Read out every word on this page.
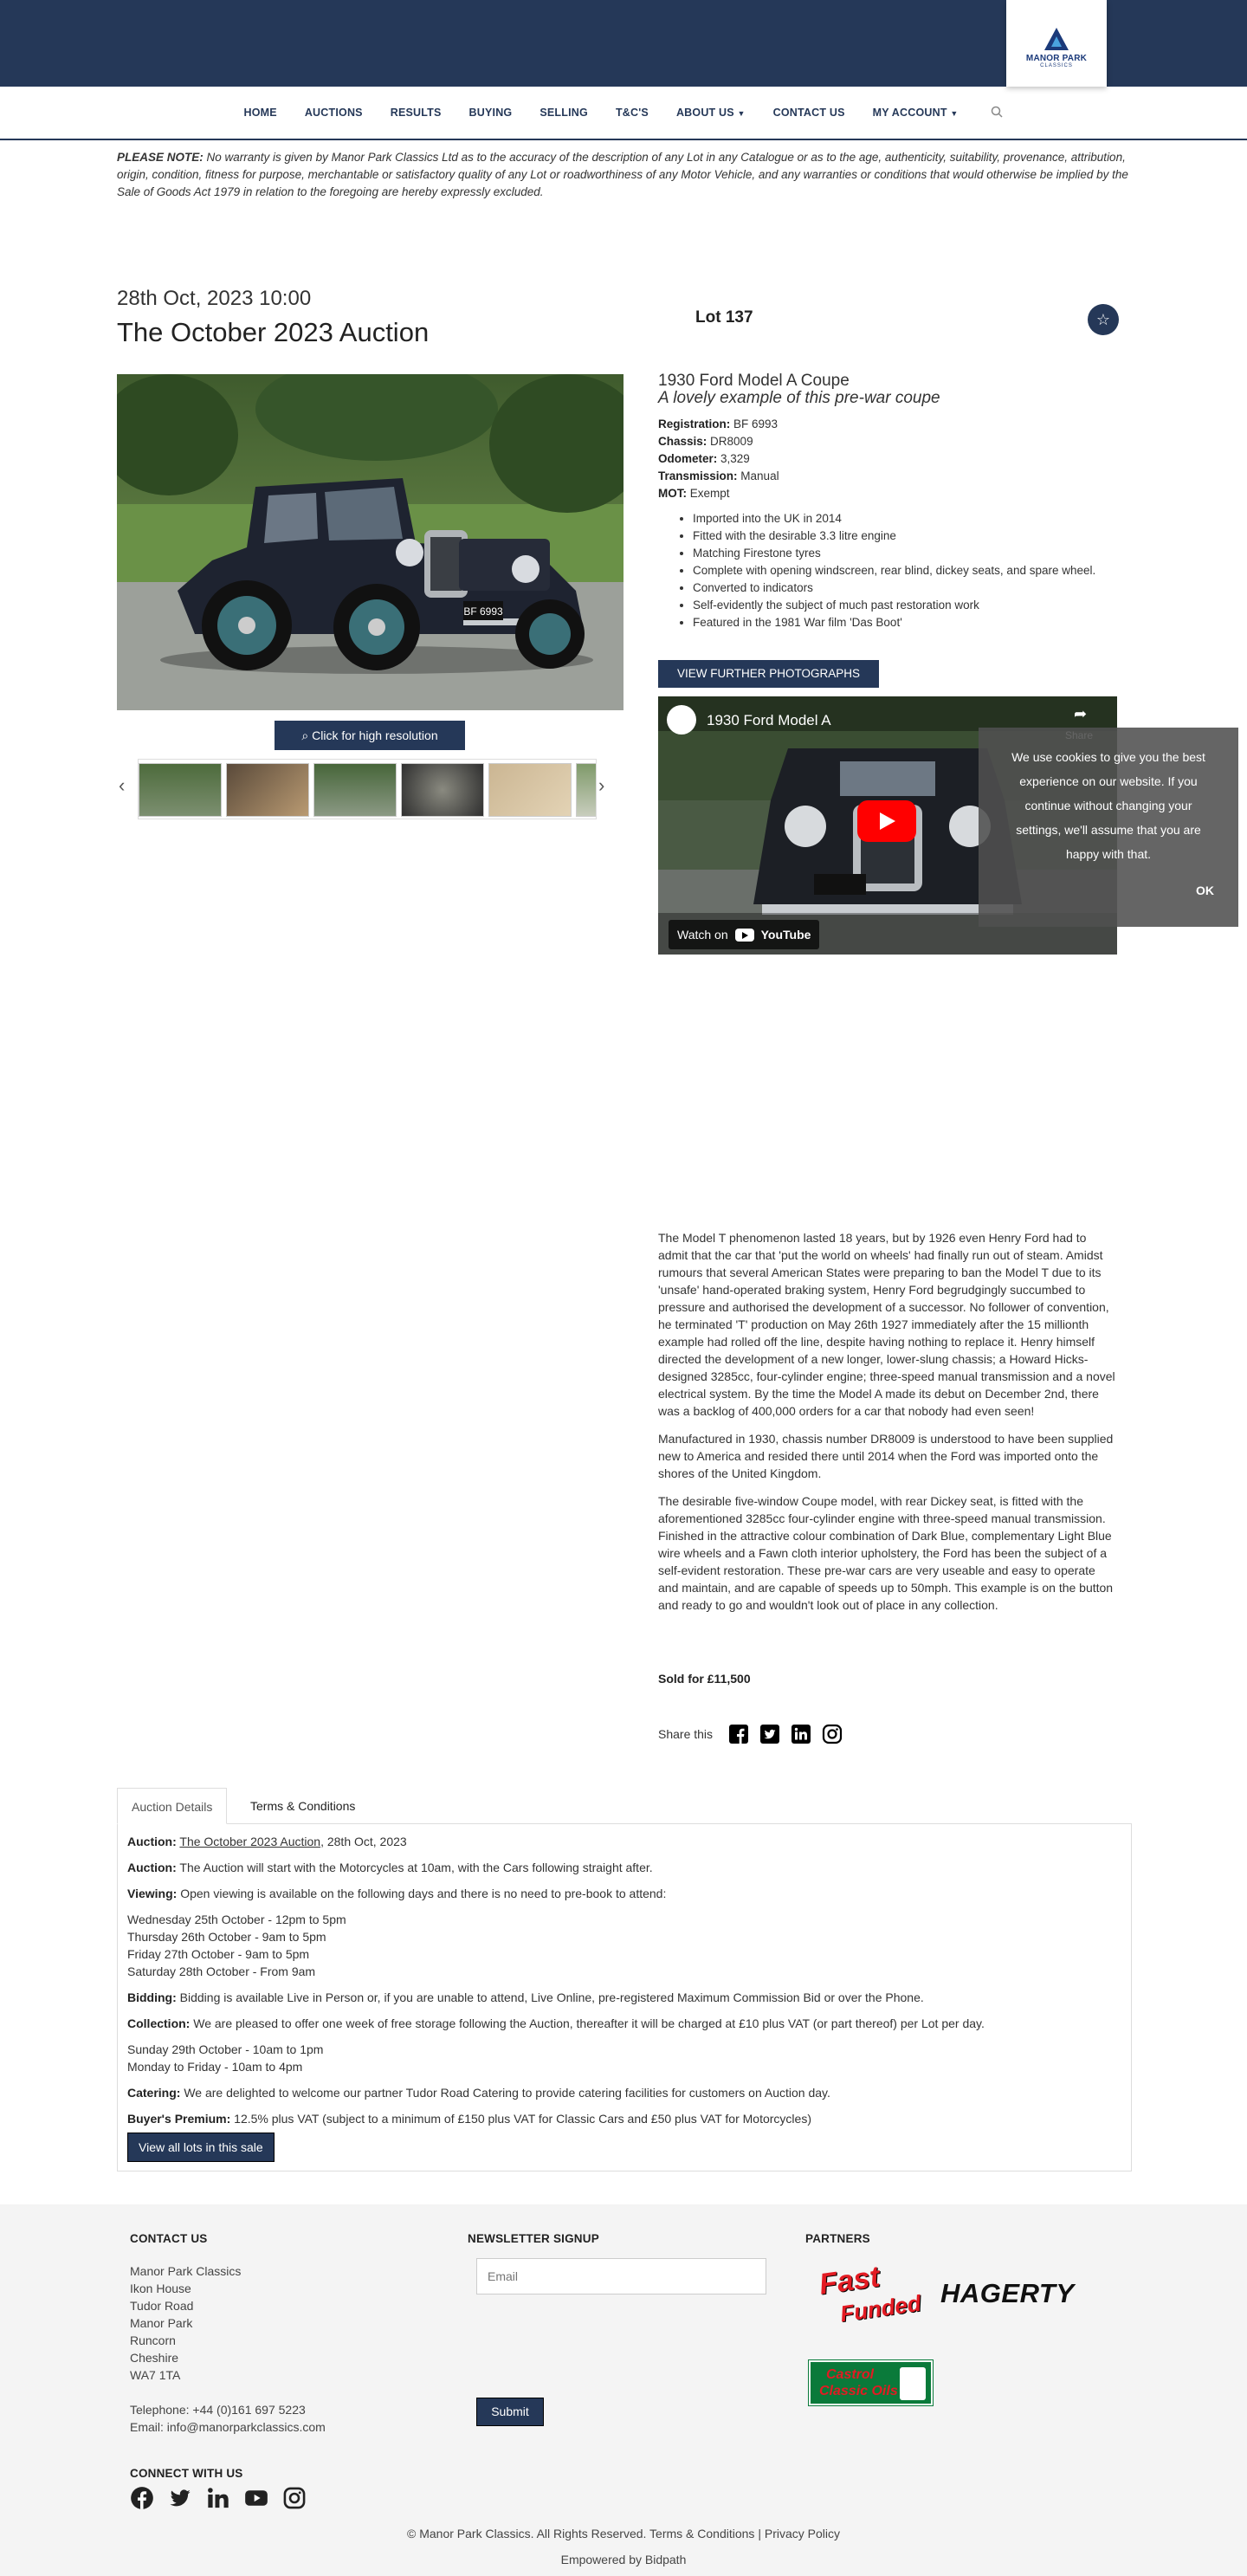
MANOR PARK
CLASSICS
HOME	AUCTIONS	RESULTS	BUYING	SELLING	T&C'S	ABOUT US ▼	CONTACT US	MY ACCOUNT ▼

PLEASE NOTE: No warranty is given by Manor Park Classics Ltd as to the accuracy of the description of any Lot in any Catalogue or as to the age, authenticity, suitability, provenance, attribution, origin, condition, fitness for purpose, merchantable or satisfactory quality of any Lot or roadworthiness of any Motor Vehicle, and any warranties or conditions that would otherwise be implied by the Sale of Goods Act 1979 in relation to the foregoing are hereby expressly excluded.

28th Oct, 2023 10:00
The October 2023 Auction	Lot 137	☆
BF 6993
⌕ Click for high resolution
‹	›
1930 Ford Model A Coupe
A lovely example of this pre-war coupe
Registration: BF 6993
Chassis: DR8009
Odometer: 3,329
Transmission: Manual
MOT: Exempt
• Imported into the UK in 2014
• Fitted with the desirable 3.3 litre engine
• Matching Firestone tyres
• Complete with opening windscreen, rear blind, dickey seats, and spare wheel.
• Converted to indicators
• Self-evidently the subject of much past restoration work
• Featured in the 1981 War film 'Das Boot'
VIEW FURTHER PHOTOGRAPHS
1930 Ford Model A	➦
Watch on	YouTube
We use cookies to give you the best experience on our website. If you continue without changing your settings, we'll assume that you are happy with that.
OK

The Model T phenomenon lasted 18 years, but by 1926 even Henry Ford had to admit that the car that 'put the world on wheels' had finally run out of steam. Amidst rumours that several American States were preparing to ban the Model T due to its 'unsafe' hand-operated braking system, Henry Ford begrudgingly succumbed to pressure and authorised the development of a successor. No follower of convention, he terminated 'T' production on May 26th 1927 immediately after the 15 millionth example had rolled off the line, despite having nothing to replace it. Henry himself directed the development of a new longer, lower-slung chassis; a Howard Hicks-designed 3285cc, four-cylinder engine; three-speed manual transmission and a novel electrical system. By the time the Model A made its debut on December 2nd, there was a backlog of 400,000 orders for a car that nobody had even seen!

Manufactured in 1930, chassis number DR8009 is understood to have been supplied new to America and resided there until 2014 when the Ford was imported onto the shores of the United Kingdom.

The desirable five-window Coupe model, with rear Dickey seat, is fitted with the aforementioned 3285cc four-cylinder engine with three-speed manual transmission. Finished in the attractive colour combination of Dark Blue, complementary Light Blue wire wheels and a Fawn cloth interior upholstery, the Ford has been the subject of a self-evident restoration. These pre-war cars are very useable and easy to operate and maintain, and are capable of speeds up to 50mph. This example is on the button and ready to go and wouldn't look out of place in any collection.

Sold for £11,500
Share this
Auction Details	Terms & Conditions

Auction: The October 2023 Auction, 28th Oct, 2023

Auction: The Auction will start with the Motorcycles at 10am, with the Cars following straight after.

Viewing: Open viewing is available on the following days and there is no need to pre-book to attend:

Wednesday 25th October - 12pm to 5pm
Thursday 26th October - 9am to 5pm
Friday 27th October - 9am to 5pm
Saturday 28th October - From 9am

Bidding: Bidding is available Live in Person or, if you are unable to attend, Live Online, pre-registered Maximum Commission Bid or over the Phone.

Collection: We are pleased to offer one week of free storage following the Auction, thereafter it will be charged at £10 plus VAT (or part thereof) per Lot per day.

Sunday 29th October - 10am to 1pm
Monday to Friday - 10am to 4pm

Catering: We are delighted to welcome our partner Tudor Road Catering to provide catering facilities for customers on Auction day.

Buyer's Premium: 12.5% plus VAT (subject to a minimum of £150 plus VAT for Classic Cars and £50 plus VAT for Motorcycles)

View all lots in this sale
CONTACT US
Manor Park Classics
Ikon House
Tudor Road
Manor Park
Runcorn
Cheshire
WA7 1TA
Telephone: +44 (0)161 697 5223
Email: info@manorparkclassics.com
NEWSLETTER SIGNUP
Email
Submit
PARTNERS
Fast
Funded HAGERTY
Castrol
Classic Oils
CONNECT WITH US
© Manor Park Classics. All Rights Reserved. Terms & Conditions | Privacy Policy
Empowered by Bidpath
